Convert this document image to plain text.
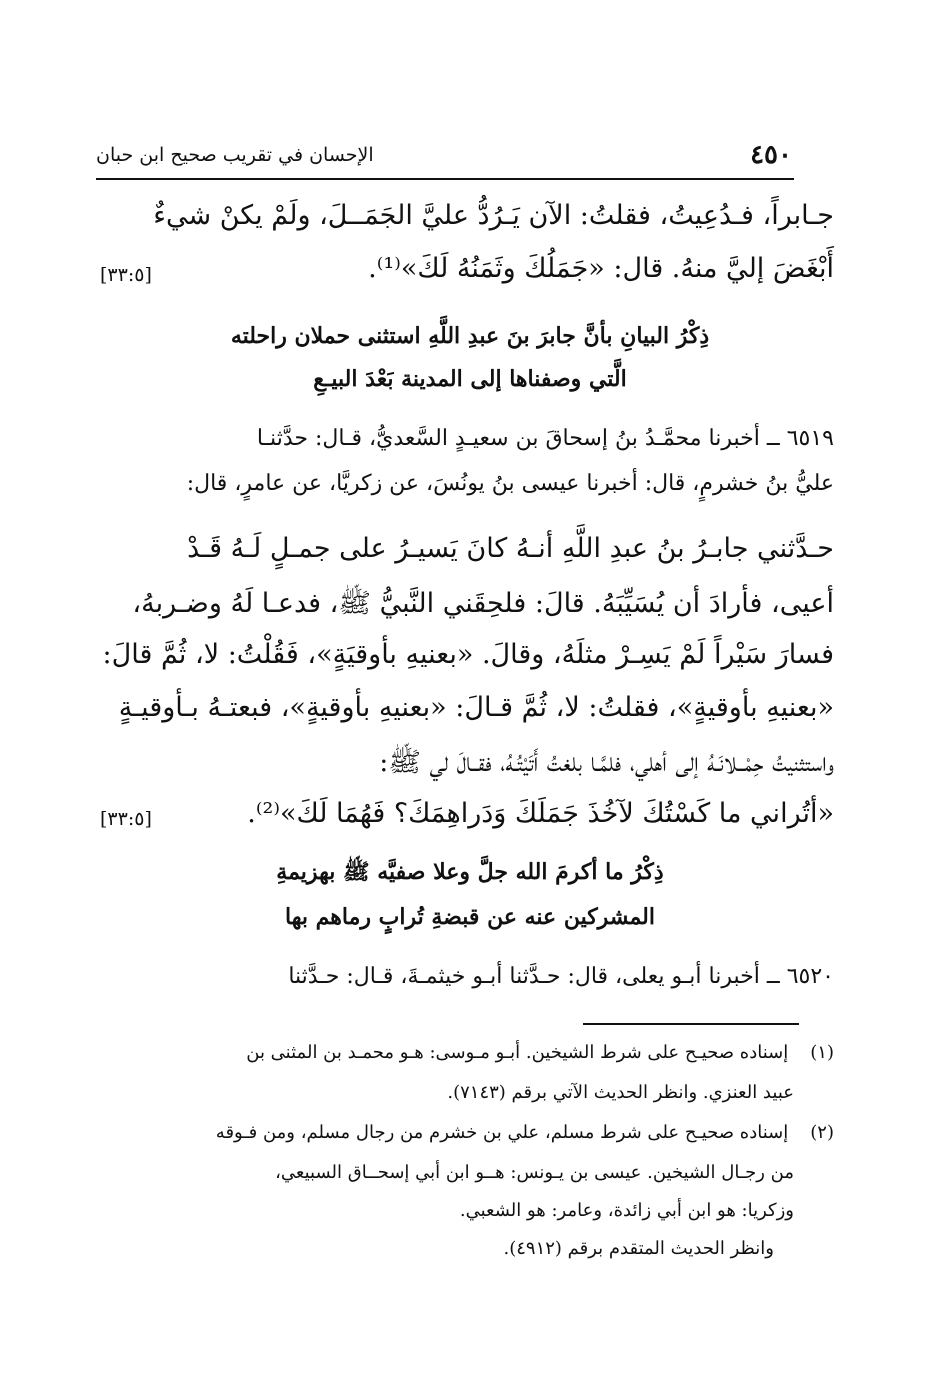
٤٥٠
الإحسان في تقريب صحيح ابن حبان
جـابراً، فـدُعِيتُ، فقلتُ: الآن يَـرُدُّ عليَّ الجَمَــلَ، ولَمْ يكنْ شيءٌ
أَبْغَضَ إليَّ منهُ. قال: «جَمَلُكَ وثَمَنُهُ لَكَ»⁽¹⁾.
[٣٣:٥]
ذِكْرُ البيانِ بأنَّ جابرَ بنَ عبدِ اللَّهِ استثنى حملان راحلته
الَّتي وصفناها إلى المدينة بَعْدَ البيـعِ
٦٥١٩ ــ أخبرنا محمَّـدُ بنُ إسحاقَ بن سعيـدٍ السَّعديُّ، قـال: حدَّثنـا
عليُّ بنُ خشرمٍ، قال: أخبرنا عيسى بنُ يونُسَ، عن زكريَّا، عن عامرٍ، قال:
حـدَّثني جابـرُ بنُ عبدِ اللَّهِ أنـهُ كانَ يَسيـرُ على جمـلٍ لَـهُ قَـدْ
أعيى، فأرادَ أن يُسَيِّبَهُ. قالَ: فلحِقَني النَّبيُّ ﷺ، فدعـا لَهُ وضـربهُ،
فسارَ سَيْراً لَمْ يَسِـرْ مثلَهُ، وقالَ. «بعنيهِ بأوقيَةٍ»، فَقُلْتُ: لا، ثُمَّ قالَ:
«بعنيهِ بأوقيةٍ»، فقلتُ: لا، ثُمَّ قـالَ: «بعنيهِ بأوقيةٍ»، فبعتـهُ بـأوقيـةٍ
واستثنيتُ حِمْــلانَـهُ إلى أهلي، فلمَّـا بلغتُ أَتَيْتُـهُ، فقــالَ لي ﷺ:
«أتُراني ما كَسْتُكَ لآخُذَ جَمَلَكَ وَدَراهِمَكَ؟ فَهُمَا لَكَ»⁽²⁾.
[٣٣:٥]
ذِكْرُ ما أكرمَ الله جلَّ وعلا صفيَّه ﷺ بهزيمةِ
المشركين عنه عن قبضةِ تُرابٍ رماهم بها
٦٥٢٠ ــ أخبرنا أبـو يعلى، قال: حـدَّثنا أبـو خيثمـةَ، قـال: حـدَّثنا
(١) إسناده صحيـح على شرط الشيخين. أبـو مـوسى: هـو محمـد بن المثنى بن
عبيد العنزي. وانظر الحديث الآتي برقم (٧١٤٣).
(٢) إسناده صحيـح على شرط مسلم، علي بن خشرم من رجال مسلم، ومن فـوقه
من رجـال الشيخين. عيسى بن يـونس: هــو ابن أبي إسحــاق السبيعي،
وزكريا: هو ابن أبي زائدة، وعامر: هو الشعبي.
وانظر الحديث المتقدم برقم (٤٩١٢).
